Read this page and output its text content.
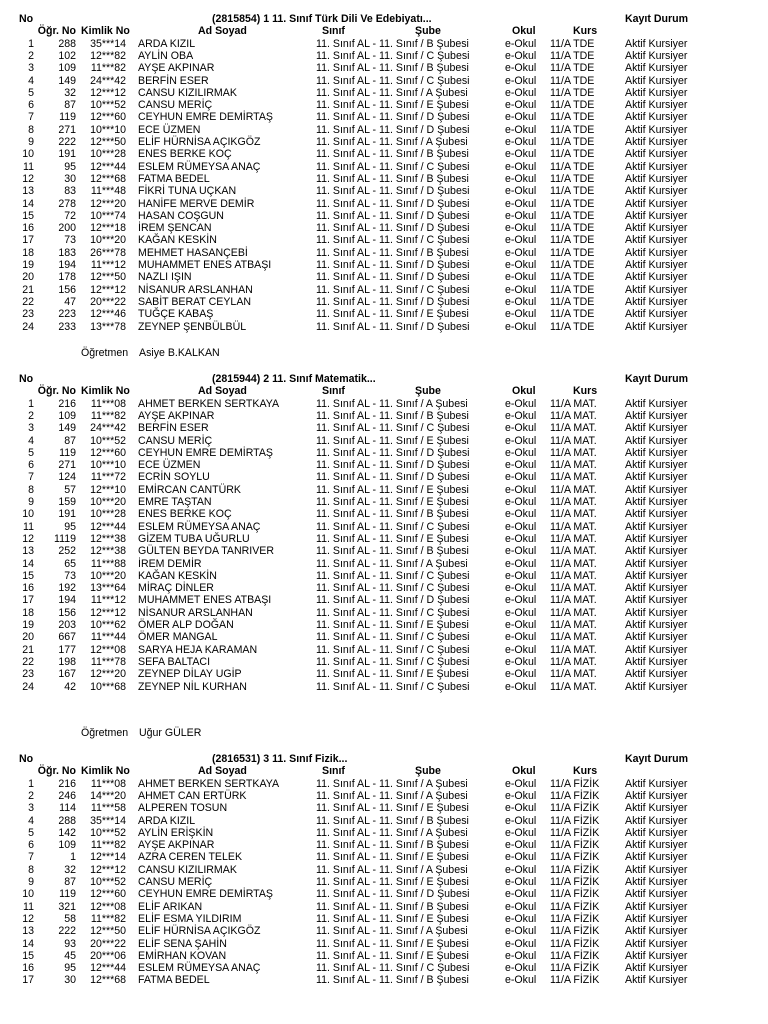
No	(2815854) 1 11. Sınıf Türk Dili Ve Edebiyatı...	Kayıt Durum
Öğr. No Kimlik No	Ad Soyad	Sınıf	Şube	Okul	Kurs
1	288	35***14 ARDA KIZIL	11. Sınıf AL - 11. Sınıf / B Şubesi	e-Okul 11/A TDE	Aktif Kursiyer
2	102	12***82 AYLİN OBA	11. Sınıf AL - 11. Sınıf / C Şubesi	e-Okul 11/A TDE	Aktif Kursiyer
3	109	11***82 AYŞE AKPINAR	11. Sınıf AL - 11. Sınıf / B Şubesi	e-Okul 11/A TDE	Aktif Kursiyer
4	149	24***42 BERFİN ESER	11. Sınıf AL - 11. Sınıf / C Şubesi	e-Okul 11/A TDE	Aktif Kursiyer
5	32	12***12 CANSU KIZILIRMAK	11. Sınıf AL - 11. Sınıf / A Şubesi	e-Okul 11/A TDE	Aktif Kursiyer
6	87	10***52 CANSU MERİÇ	11. Sınıf AL - 11. Sınıf / E Şubesi	e-Okul 11/A TDE	Aktif Kursiyer
7	119	12***60 CEYHUN EMRE DEMİRTAŞ	11. Sınıf AL - 11. Sınıf / D Şubesi	e-Okul 11/A TDE	Aktif Kursiyer
8	271	10***10 ECE ÜZMEN	11. Sınıf AL - 11. Sınıf / D Şubesi	e-Okul 11/A TDE	Aktif Kursiyer
9	222	12***50 ELİF HÜRNİSA AÇIKGÖZ	11. Sınıf AL - 11. Sınıf / A Şubesi	e-Okul 11/A TDE	Aktif Kursiyer
10	191	10***28 ENES BERKE KOÇ	11. Sınıf AL - 11. Sınıf / B Şubesi	e-Okul 11/A TDE	Aktif Kursiyer
11	95	12***44 ESLEM RÜMEYSA ANAÇ	11. Sınıf AL - 11. Sınıf / C Şubesi	e-Okul 11/A TDE	Aktif Kursiyer
12	30	12***68 FATMA BEDEL	11. Sınıf AL - 11. Sınıf / B Şubesi	e-Okul 11/A TDE	Aktif Kursiyer
13	83	11***48 FİKRİ TUNA UÇKAN	11. Sınıf AL - 11. Sınıf / D Şubesi	e-Okul 11/A TDE	Aktif Kursiyer
14	278	12***20 HANİFE MERVE DEMİR	11. Sınıf AL - 11. Sınıf / D Şubesi	e-Okul 11/A TDE	Aktif Kursiyer
15	72	10***74 HASAN COŞGUN	11. Sınıf AL - 11. Sınıf / D Şubesi	e-Okul 11/A TDE	Aktif Kursiyer
16	200	12***18 İREM ŞENCAN	11. Sınıf AL - 11. Sınıf / D Şubesi	e-Okul 11/A TDE	Aktif Kursiyer
17	73	10***20 KAĞAN KESKİN	11. Sınıf AL - 11. Sınıf / C Şubesi	e-Okul 11/A TDE	Aktif Kursiyer
18	183	26***78 MEHMET HASANÇEBİ	11. Sınıf AL - 11. Sınıf / B Şubesi	e-Okul 11/A TDE	Aktif Kursiyer
19	194	11***12 MUHAMMET ENES ATBAŞI	11. Sınıf AL - 11. Sınıf / D Şubesi	e-Okul 11/A TDE	Aktif Kursiyer
20	178	12***50 NAZLI IŞIN	11. Sınıf AL - 11. Sınıf / D Şubesi	e-Okul 11/A TDE	Aktif Kursiyer
21	156	12***12 NİSANUR ARSLANHAN	11. Sınıf AL - 11. Sınıf / C Şubesi	e-Okul 11/A TDE	Aktif Kursiyer
22	47	20***22 SABİT BERAT CEYLAN	11. Sınıf AL - 11. Sınıf / D Şubesi	e-Okul 11/A TDE	Aktif Kursiyer
23	223	12***46 TUĞÇE KABAŞ	11. Sınıf AL - 11. Sınıf / E Şubesi	e-Okul 11/A TDE	Aktif Kursiyer
24	233	13***78 ZEYNEP ŞENBÜLBÜL	11. Sınıf AL - 11. Sınıf / D Şubesi	e-Okul 11/A TDE	Aktif Kursiyer
Öğretmen Asiye B.KALKAN
No	(2815944) 2 11. Sınıf Matematik...	Kayıt Durum
Öğr. No Kimlik No	Ad Soyad	Sınıf	Şube	Okul	Kurs
1	216	11***08 AHMET BERKEN SERTKAYA	11. Sınıf AL - 11. Sınıf / A Şubesi	e-Okul 11/A MAT.	Aktif Kursiyer
2	109	11***82 AYŞE AKPINAR	11. Sınıf AL - 11. Sınıf / B Şubesi	e-Okul 11/A MAT.	Aktif Kursiyer
3	149	24***42 BERFİN ESER	11. Sınıf AL - 11. Sınıf / C Şubesi	e-Okul 11/A MAT.	Aktif Kursiyer
4	87	10***52 CANSU MERİÇ	11. Sınıf AL - 11. Sınıf / E Şubesi	e-Okul 11/A MAT.	Aktif Kursiyer
5	119	12***60 CEYHUN EMRE DEMİRTAŞ	11. Sınıf AL - 11. Sınıf / D Şubesi	e-Okul 11/A MAT.	Aktif Kursiyer
6	271	10***10 ECE ÜZMEN	11. Sınıf AL - 11. Sınıf / D Şubesi	e-Okul 11/A MAT.	Aktif Kursiyer
7	124	11***72 ECRİN SOYLU	11. Sınıf AL - 11. Sınıf / D Şubesi	e-Okul 11/A MAT.	Aktif Kursiyer
8	57	12***10 EMİRCAN CANTÜRK	11. Sınıf AL - 11. Sınıf / E Şubesi	e-Okul 11/A MAT.	Aktif Kursiyer
9	159	10***20 EMRE TAŞTAN	11. Sınıf AL - 11. Sınıf / E Şubesi	e-Okul 11/A MAT.	Aktif Kursiyer
10	191	10***28 ENES BERKE KOÇ	11. Sınıf AL - 11. Sınıf / B Şubesi	e-Okul 11/A MAT.	Aktif Kursiyer
11	95	12***44 ESLEM RÜMEYSA ANAÇ	11. Sınıf AL - 11. Sınıf / C Şubesi	e-Okul 11/A MAT.	Aktif Kursiyer
12	1119	12***38 GİZEM TUBA UĞURLU	11. Sınıf AL - 11. Sınıf / E Şubesi	e-Okul 11/A MAT.	Aktif Kursiyer
13	252	12***38 GÜLTEN BEYDA TANRIVER	11. Sınıf AL - 11. Sınıf / B Şubesi	e-Okul 11/A MAT.	Aktif Kursiyer
14	65	11***88 İREM DEMİR	11. Sınıf AL - 11. Sınıf / A Şubesi	e-Okul 11/A MAT.	Aktif Kursiyer
15	73	10***20 KAĞAN KESKİN	11. Sınıf AL - 11. Sınıf / C Şubesi	e-Okul 11/A MAT.	Aktif Kursiyer
16	192	13***64 MİRAÇ DİNLER	11. Sınıf AL - 11. Sınıf / C Şubesi	e-Okul 11/A MAT.	Aktif Kursiyer
17	194	11***12 MUHAMMET ENES ATBAŞI	11. Sınıf AL - 11. Sınıf / D Şubesi	e-Okul 11/A MAT.	Aktif Kursiyer
18	156	12***12 NİSANUR ARSLANHAN	11. Sınıf AL - 11. Sınıf / C Şubesi	e-Okul 11/A MAT.	Aktif Kursiyer
19	203	10***62 ÖMER ALP DOĞAN	11. Sınıf AL - 11. Sınıf / E Şubesi	e-Okul 11/A MAT.	Aktif Kursiyer
20	667	11***44 ÖMER MANGAL	11. Sınıf AL - 11. Sınıf / C Şubesi	e-Okul 11/A MAT.	Aktif Kursiyer
21	177	12***08 SARYA HEJA KARAMAN	11. Sınıf AL - 11. Sınıf / C Şubesi	e-Okul 11/A MAT.	Aktif Kursiyer
22	198	11***78 SEFA BALTACI	11. Sınıf AL - 11. Sınıf / C Şubesi	e-Okul 11/A MAT.	Aktif Kursiyer
23	167	12***20 ZEYNEP DİLAY UGİP	11. Sınıf AL - 11. Sınıf / E Şubesi	e-Okul 11/A MAT.	Aktif Kursiyer
24	42	10***68 ZEYNEP NİL KURHAN	11. Sınıf AL - 11. Sınıf / C Şubesi	e-Okul 11/A MAT.	Aktif Kursiyer
Öğretmen Uğur GÜLER
No	(2816531) 3 11. Sınıf Fizik...	Kayıt Durum
Öğr. No Kimlik No	Ad Soyad	Sınıf	Şube	Okul	Kurs
1	216	11***08 AHMET BERKEN SERTKAYA	11. Sınıf AL - 11. Sınıf / A Şubesi	e-Okul 11/A FİZİK Aktif Kursiyer
2	246	14***20 AHMET CAN ERTÜRK	11. Sınıf AL - 11. Sınıf / A Şubesi	e-Okul 11/A FİZİK Aktif Kursiyer
3	114	11***58 ALPEREN TOSUN	11. Sınıf AL - 11. Sınıf / E Şubesi	e-Okul 11/A FİZİK Aktif Kursiyer
4	288	35***14 ARDA KIZIL	11. Sınıf AL - 11. Sınıf / B Şubesi	e-Okul 11/A FİZİK Aktif Kursiyer
5	142	10***52 AYLİN ERİŞKİN	11. Sınıf AL - 11. Sınıf / A Şubesi	e-Okul 11/A FİZİK Aktif Kursiyer
6	109	11***82 AYŞE AKPINAR	11. Sınıf AL - 11. Sınıf / B Şubesi	e-Okul 11/A FİZİK Aktif Kursiyer
7	1	12***14 AZRA CEREN TELEK	11. Sınıf AL - 11. Sınıf / E Şubesi	e-Okul 11/A FİZİK Aktif Kursiyer
8	32	12***12 CANSU KIZILIRMAK	11. Sınıf AL - 11. Sınıf / A Şubesi	e-Okul 11/A FİZİK Aktif Kursiyer
9	87	10***52 CANSU MERİÇ	11. Sınıf AL - 11. Sınıf / E Şubesi	e-Okul 11/A FİZİK Aktif Kursiyer
10	119	12***60 CEYHUN EMRE DEMİRTAŞ	11. Sınıf AL - 11. Sınıf / D Şubesi	e-Okul 11/A FİZİK Aktif Kursiyer
11	321	12***08 ELİF ARIKAN	11. Sınıf AL - 11. Sınıf / B Şubesi	e-Okul 11/A FİZİK Aktif Kursiyer
12	58	11***82 ELİF ESMA YILDIRIM	11. Sınıf AL - 11. Sınıf / E Şubesi	e-Okul 11/A FİZİK Aktif Kursiyer
13	222	12***50 ELİF HÜRNİSA AÇIKGÖZ	11. Sınıf AL - 11. Sınıf / A Şubesi	e-Okul 11/A FİZİK Aktif Kursiyer
14	93	20***22 ELİF SENA ŞAHİN	11. Sınıf AL - 11. Sınıf / E Şubesi	e-Okul 11/A FİZİK Aktif Kursiyer
15	45	20***06 EMİRHAN KOVAN	11. Sınıf AL - 11. Sınıf / E Şubesi	e-Okul 11/A FİZİK Aktif Kursiyer
16	95	12***44 ESLEM RÜMEYSA ANAÇ	11. Sınıf AL - 11. Sınıf / C Şubesi	e-Okul 11/A FİZİK Aktif Kursiyer
17	30	12***68 FATMA BEDEL	11. Sınıf AL - 11. Sınıf / B Şubesi	e-Okul 11/A FİZİK Aktif Kursiyer
